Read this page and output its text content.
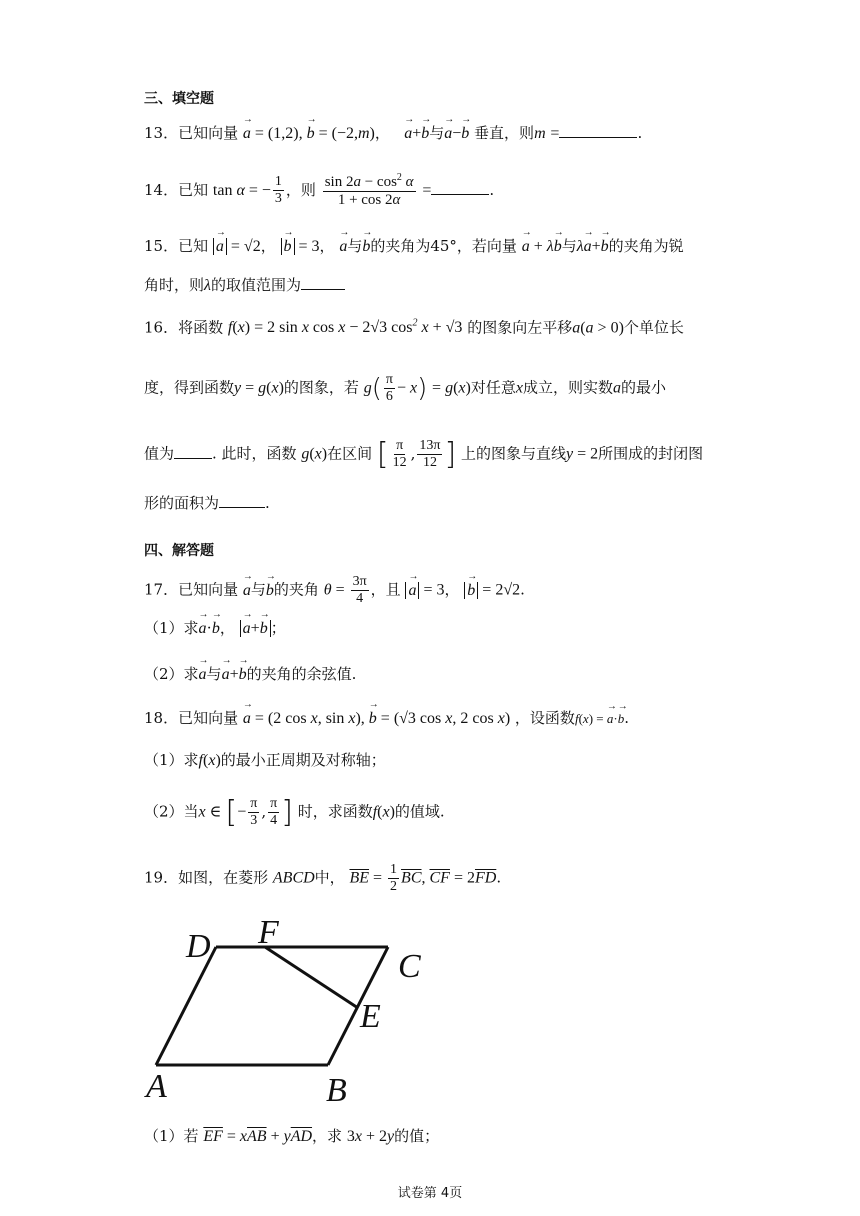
三、填空题
13．已知向量 → a = (1,2), → b = (−2,m)， → a+→ b与→ a−→ b 垂直，则m =	.
14．已知 tan α = − $\frac{1}{3}$ ，则 $\frac{\sin 2a - \cos^2 \alpha}{1 + \cos 2\alpha}$ =	.
15．已知 → a = √2， → b = 3， → a与→ b的夹角为45°，若向量 → a + λ→ b与λ→ a+→ b的夹角为锐
角时，则λ的取值范围为
16．将函数 f(x) = 2 sin x cos x − 2√3 $\cos^2 x + √3$ 的图象向左平移a(a > 0)个单位长
度，得到函数y = g(x)的图象，若 $g( \frac{\pi}{6} - x) = g(x)$对任意x成立，则实数a的最小
值为	. 此时，函数 g(x)在区间 [ $\frac{\pi}{12}$ , $\frac{13\pi}{12}$ ] 上的图象与直线y = 2所围成的封闭图
形的面积为	.
四、解答题
17．已知向量 → a与→ b的夹角 $\theta = \frac{3\pi}{4}$ ，且 → a = 3， → b = 2√2.
（1）求→ a·→ b， → a+→ b ；
（2）求→ a与→ a+→ b的夹角的余弦值.
18．已知向量 → a = (2 cos x, sin x), → b = (√3 cos x, 2 cos x) ，设函数f(x) = → a·→ b.
（1）求f(x)的最小正周期及对称轴；
（2）当x ∈ [− $\frac{\pi}{3}$ , $\frac{\pi}{4}$ ] 时，求函数f(x)的值域.
19．如图，在菱形 ABCD中， $\overline{BE} = \frac{1}{2} \overline{BC}$, $\overline{CF} = 2\overline{FD}$.
D F
C
E
A	B
（1）若 $\overline{EF} = x\overline{AB} + y\overline{AD}$，求 3x + 2y的值；
试卷第 4页
